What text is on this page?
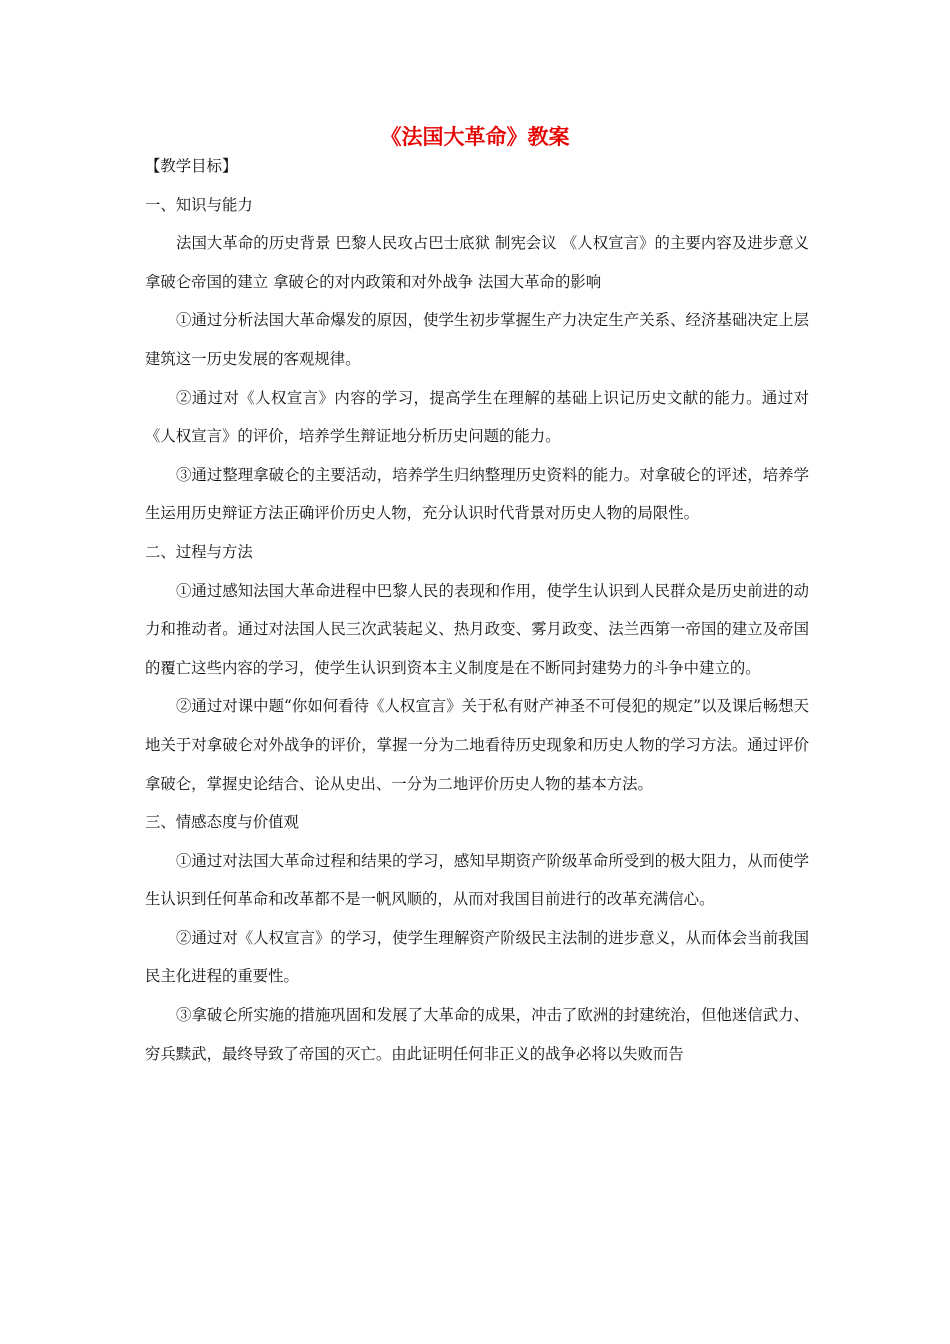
《法国大革命》教案

【教学目标】

一、知识与能力

法国大革命的历史背景 巴黎人民攻占巴士底狱 制宪会议 《人权宣言》的主要内容及进步意义 拿破仑帝国的建立 拿破仑的对内政策和对外战争 法国大革命的影响

①通过分析法国大革命爆发的原因，使学生初步掌握生产力决定生产关系、经济基础决定上层建筑这一历史发展的客观规律。

②通过对《人权宣言》内容的学习，提高学生在理解的基础上识记历史文献的能力。通过对《人权宣言》的评价，培养学生辩证地分析历史问题的能力。

③通过整理拿破仑的主要活动，培养学生归纳整理历史资料的能力。对拿破仑的评述，培养学生运用历史辩证方法正确评价历史人物，充分认识时代背景对历史人物的局限性。

二、过程与方法

①通过感知法国大革命进程中巴黎人民的表现和作用，使学生认识到人民群众是历史前进的动力和推动者。通过对法国人民三次武装起义、热月政变、雾月政变、法兰西第一帝国的建立及帝国的覆亡这些内容的学习，使学生认识到资本主义制度是在不断同封建势力的斗争中建立的。

②通过对课中题“你如何看待《人权宣言》关于私有财产神圣不可侵犯的规定”以及课后畅想天地关于对拿破仑对外战争的评价，掌握一分为二地看待历史现象和历史人物的学习方法。通过评价拿破仑，掌握史论结合、论从史出、一分为二地评价历史人物的基本方法。

三、情感态度与价值观

①通过对法国大革命过程和结果的学习，感知早期资产阶级革命所受到的极大阻力，从而使学生认识到任何革命和改革都不是一帆风顺的，从而对我国目前进行的改革充满信心。

②通过对《人权宣言》的学习，使学生理解资产阶级民主法制的进步意义，从而体会当前我国民主化进程的重要性。

③拿破仑所实施的措施巩固和发展了大革命的成果，冲击了欧洲的封建统治，但他迷信武力、穷兵黩武，最终导致了帝国的灭亡。由此证明任何非正义的战争必将以失败而告
